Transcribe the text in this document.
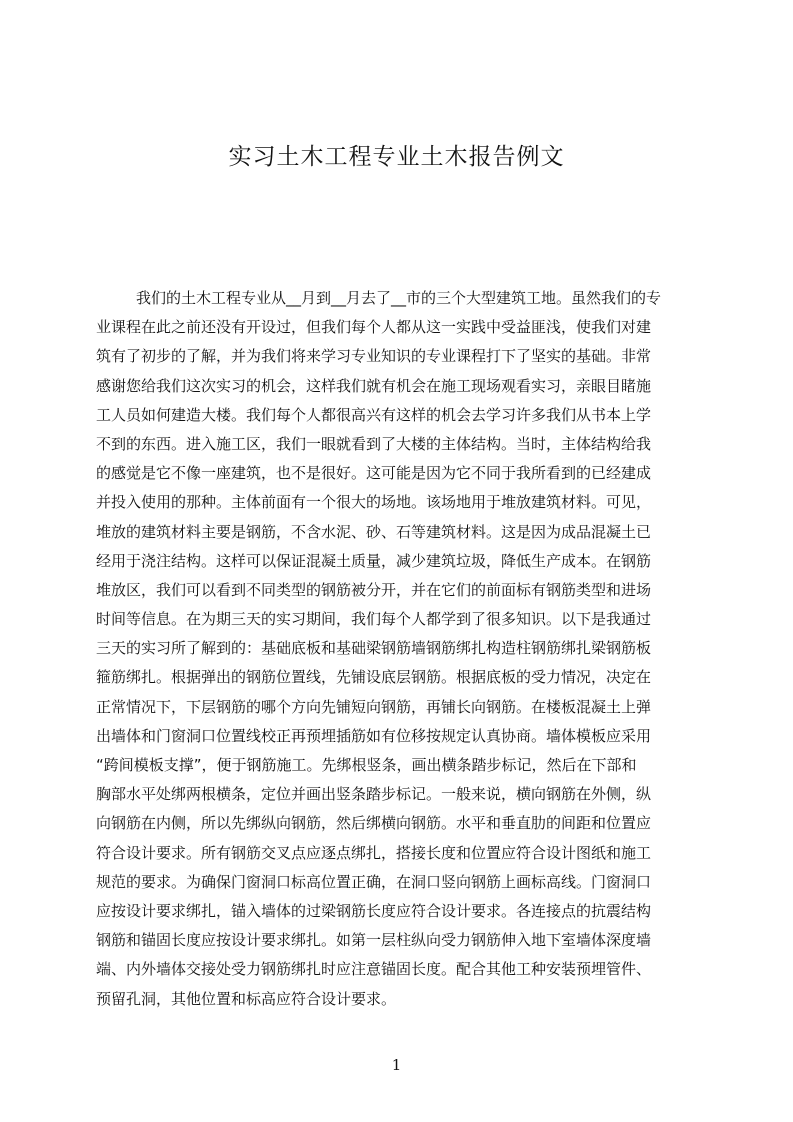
实习土木工程专业土木报告例文
我们的土木工程专业从__月到__月去了__市的三个大型建筑工地。虽然我们的专
业课程在此之前还没有开设过，但我们每个人都从这一实践中受益匪浅，使我们对建
筑有了初步的了解，并为我们将来学习专业知识的专业课程打下了坚实的基础。非常
感谢您给我们这次实习的机会，这样我们就有机会在施工现场观看实习，亲眼目睹施
工人员如何建造大楼。我们每个人都很高兴有这样的机会去学习许多我们从书本上学
不到的东西。进入施工区，我们一眼就看到了大楼的主体结构。当时，主体结构给我
的感觉是它不像一座建筑，也不是很好。这可能是因为它不同于我所看到的已经建成
并投入使用的那种。主体前面有一个很大的场地。该场地用于堆放建筑材料。可见，
堆放的建筑材料主要是钢筋，不含水泥、砂、石等建筑材料。这是因为成品混凝土已
经用于浇注结构。这样可以保证混凝土质量，减少建筑垃圾，降低生产成本。在钢筋
堆放区，我们可以看到不同类型的钢筋被分开，并在它们的前面标有钢筋类型和进场
时间等信息。在为期三天的实习期间，我们每个人都学到了很多知识。以下是我通过
三天的实习所了解到的：基础底板和基础梁钢筋墙钢筋绑扎构造柱钢筋绑扎梁钢筋板
箍筋绑扎。根据弹出的钢筋位置线，先铺设底层钢筋。根据底板的受力情况，决定在
正常情况下，下层钢筋的哪个方向先铺短向钢筋，再铺长向钢筋。在楼板混凝土上弹
出墙体和门窗洞口位置线校正再预埋插筋如有位移按规定认真协商。墙体模板应采用
“跨间模板支撑”，便于钢筋施工。先绑根竖条，画出横条踏步标记，然后在下部和
胸部水平处绑两根横条，定位并画出竖条踏步标记。一般来说，横向钢筋在外侧，纵
向钢筋在内侧，所以先绑纵向钢筋，然后绑横向钢筋。水平和垂直肋的间距和位置应
符合设计要求。所有钢筋交叉点应逐点绑扎，搭接长度和位置应符合设计图纸和施工
规范的要求。为确保门窗洞口标高位置正确，在洞口竖向钢筋上画标高线。门窗洞口
应按设计要求绑扎，锚入墙体的过梁钢筋长度应符合设计要求。各连接点的抗震结构
钢筋和锚固长度应按设计要求绑扎。如第一层柱纵向受力钢筋伸入地下室墙体深度墙
端、内外墙体交接处受力钢筋绑扎时应注意锚固长度。配合其他工种安装预埋管件、
预留孔洞，其他位置和标高应符合设计要求。
1
